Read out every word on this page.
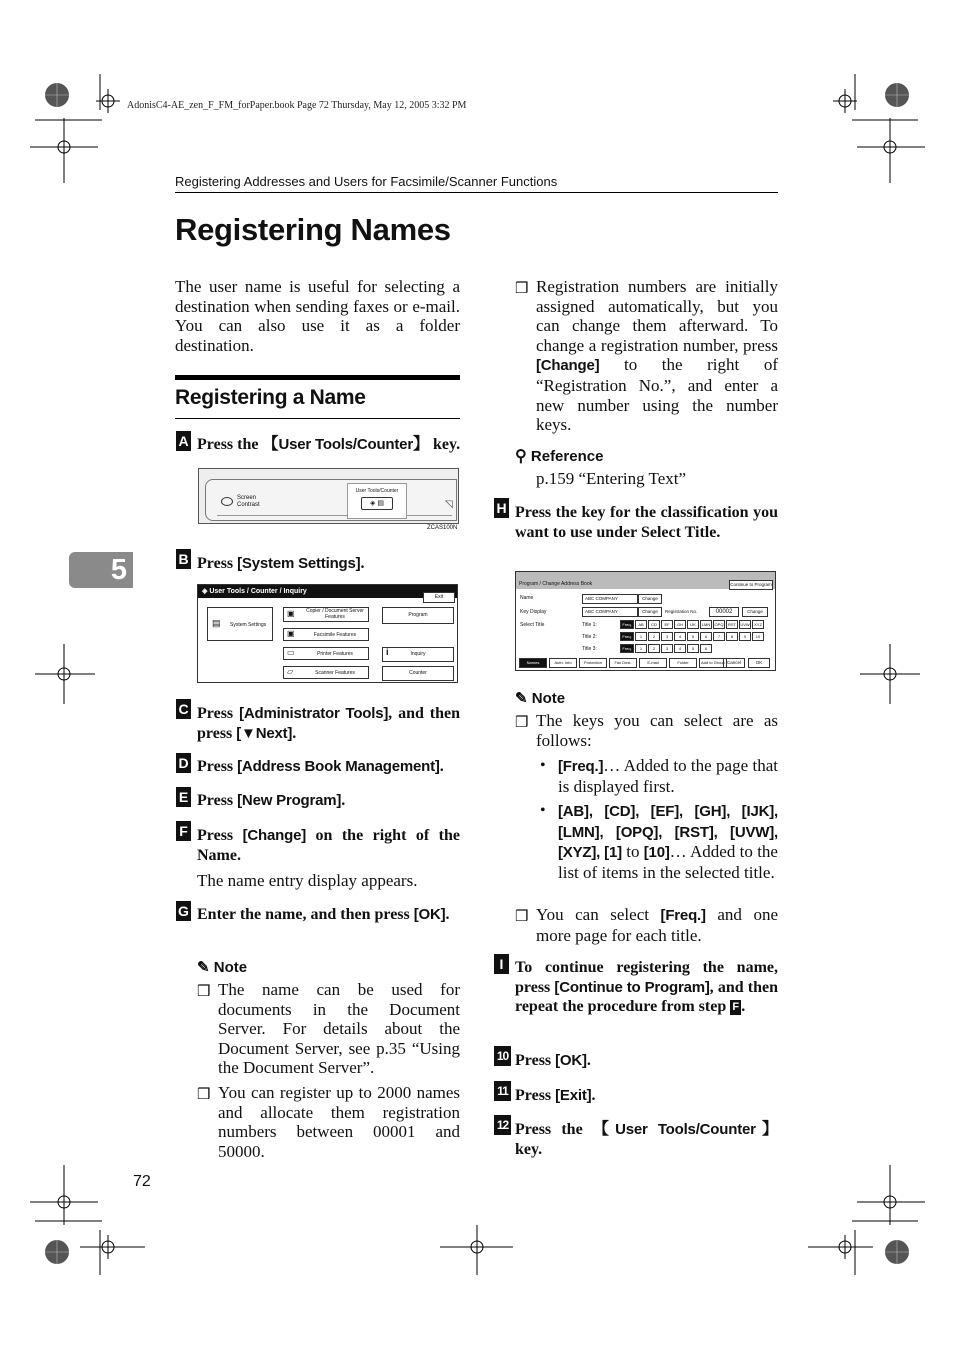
AdonisC4-AE_zen_F_FM_forPaper.book Page 72 Thursday, May 12, 2005 3:32 PM
Registering Addresses and Users for Facsimile/Scanner Functions
Registering Names
The user name is useful for selecting a destination when sending faxes or e-mail. You can also use it as a folder destination.
Registering a Name
5
A Press the 【User Tools/Counter】 key.
Screen
Contrast
User Tools/Counter
◈ ▤	◹
ZCAS100N
B Press [System Settings].
◈ User Tools / Counter / Inquiry
Exit
System Settings
▤
Copier / Document Server Features
Facsimile Features
Printer Features
Scanner Features
▣
▣
▭
▱
Program
Inquiry
Counter
i
C Press [Administrator Tools], and then press [▼Next].
D Press [Address Book Management].
E Press [New Program].
F Press [Change] on the right of the Name.
The name entry display appears.
G Enter the name, and then press [OK].
✎ Note
❒ The name can be used for documents in the Document Server. For details about the Document Server, see p.35 “Using the Document Server”.
❒ You can register up to 2000 names and allocate them registration numbers between 00001 and 50000.
❒ Registration numbers are initially assigned automatically, but you can change them afterward. To change a registration number, press [Change] to the right of “Registration No.”, and enter a new number using the number keys.
⚲ Reference
p.159 “Entering Text”
H Press the key for the classification you want to use under Select Title.
Program / Change Address Book	Continue to Program
Name
Key Display
Select Title
ABC COMPANY
ABC COMPANY
Change
Change	Registration No.	00002	Change
Title 1:
Title 2:
Title 3:
Freq.	AB	CD	EF	GH	IJK	LMN	OPQ	RST	UVW	XYZ
Freq.	1	2	3	4	5	6	7	8	9	10
Freq.	1	2	3	4	5	6
Names	Auth. Info	Protection	Fax Dest.	E-mail	Folder	Add to Group Cancel	OK
✎ Note
❒ The keys you can select are as follows:
• [Freq.]… Added to the page that is displayed first.
• [AB], [CD], [EF], [GH], [IJK], [LMN], [OPQ], [RST], [UVW], [XYZ], [1] to [10]… Added to the list of items in the selected title.
❒ You can select [Freq.] and one more page for each title.
I To continue registering the name, press [Continue to Program], and then repeat the procedure from step F .
10 Press [OK].
11 Press [Exit].
12 Press the 【User Tools/Counter】 key.
72
